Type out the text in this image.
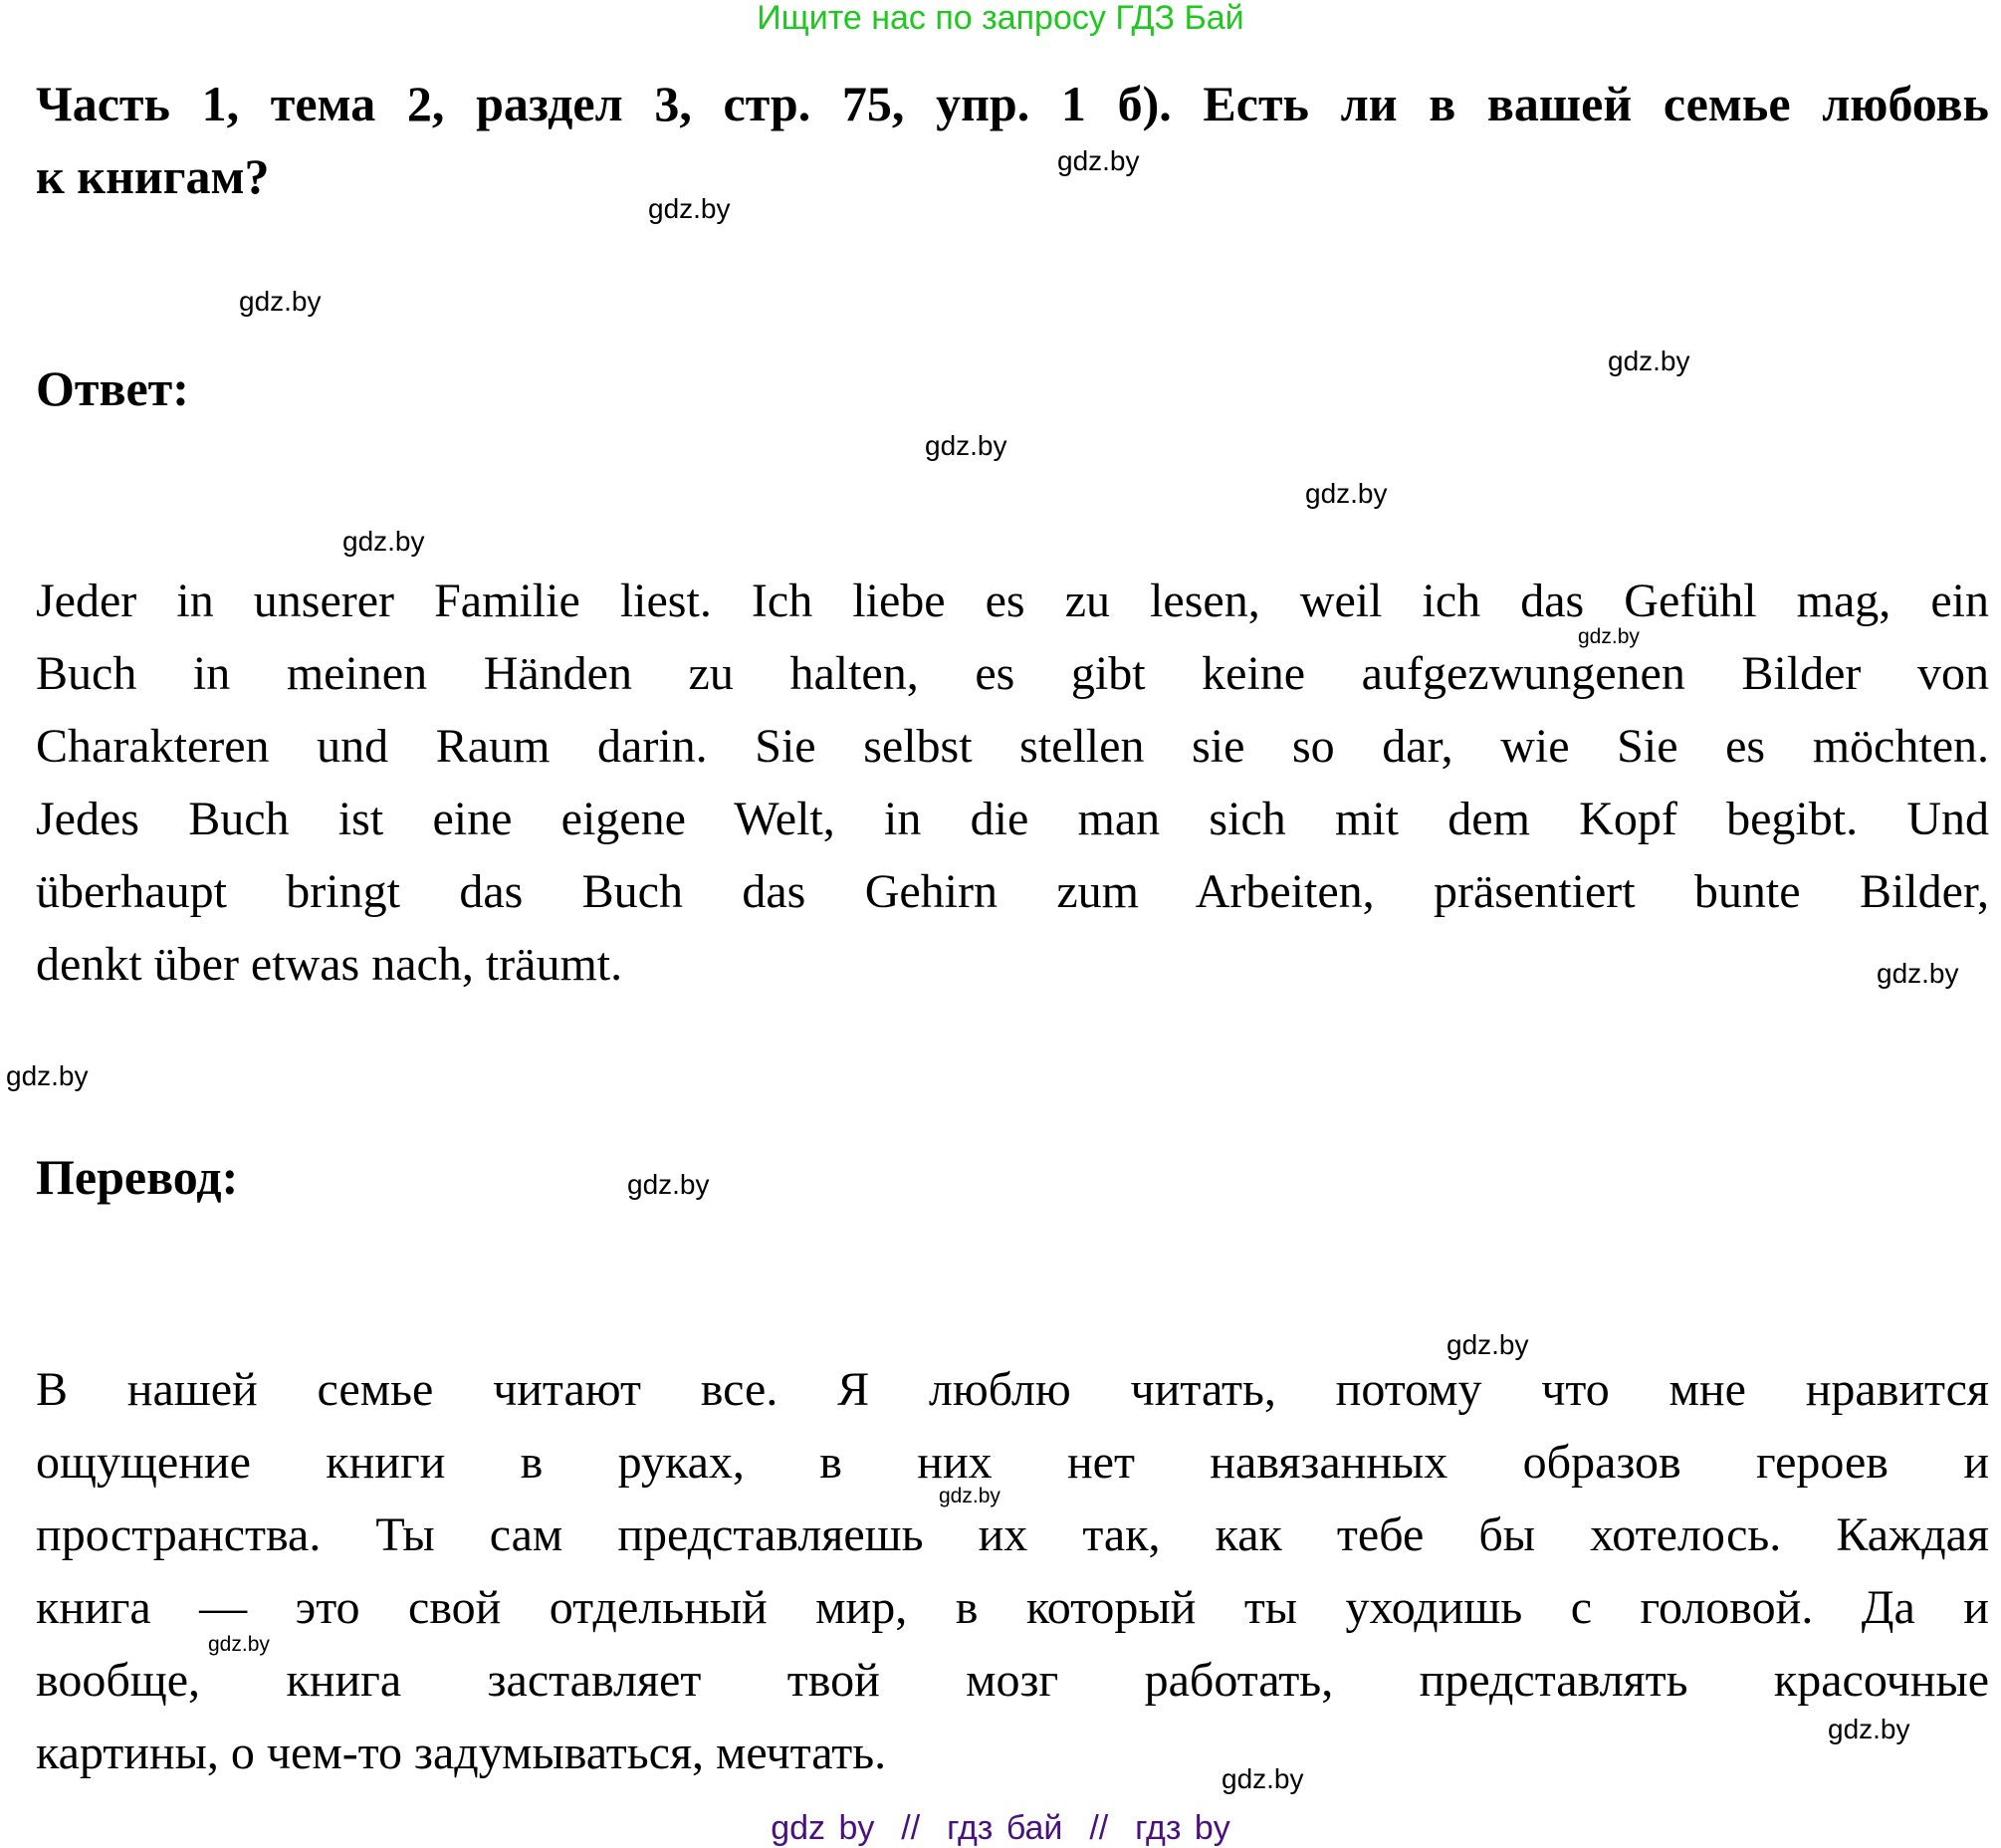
Ищите нас по запросу ГДЗ Бай
Часть 1, тема 2, раздел 3, стр. 75, упр. 1 б). Есть ли в вашей семье любовь
к книгам?
Ответ:
Jeder in unserer Familie liest. Ich liebe es zu lesen, weil ich das Gefühl mag, ein
Buch in meinen Händen zu halten, es gibt keine aufgezwungenen Bilder von
Charakteren und Raum darin. Sie selbst stellen sie so dar, wie Sie es möchten.
Jedes Buch ist eine eigene Welt, in die man sich mit dem Kopf begibt. Und
überhaupt bringt das Buch das Gehirn zum Arbeiten, präsentiert bunte Bilder,
denkt über etwas nach, träumt.
Перевод:
В нашей семье читают все. Я люблю читать, потому что мне нравится
ощущение книги в руках, в них нет навязанных образов героев и
пространства. Ты сам представляешь их так, как тебе бы хотелось. Каждая
книга — это свой отдельный мир, в который ты уходишь с головой. Да и
вообще, книга заставляет твой мозг работать, представлять красочные
картины, о чем-то задумываться, мечтать.
gdz.by
gdz.by
gdz.by
gdz.by
gdz.by
gdz.by
gdz.by
gdz.by
gdz.by
gdz.by
gdz.by
gdz.by
gdz.by
gdz.by
gdz.by
gdz.by
gdz by  //  гдз бай  //  гдз by
